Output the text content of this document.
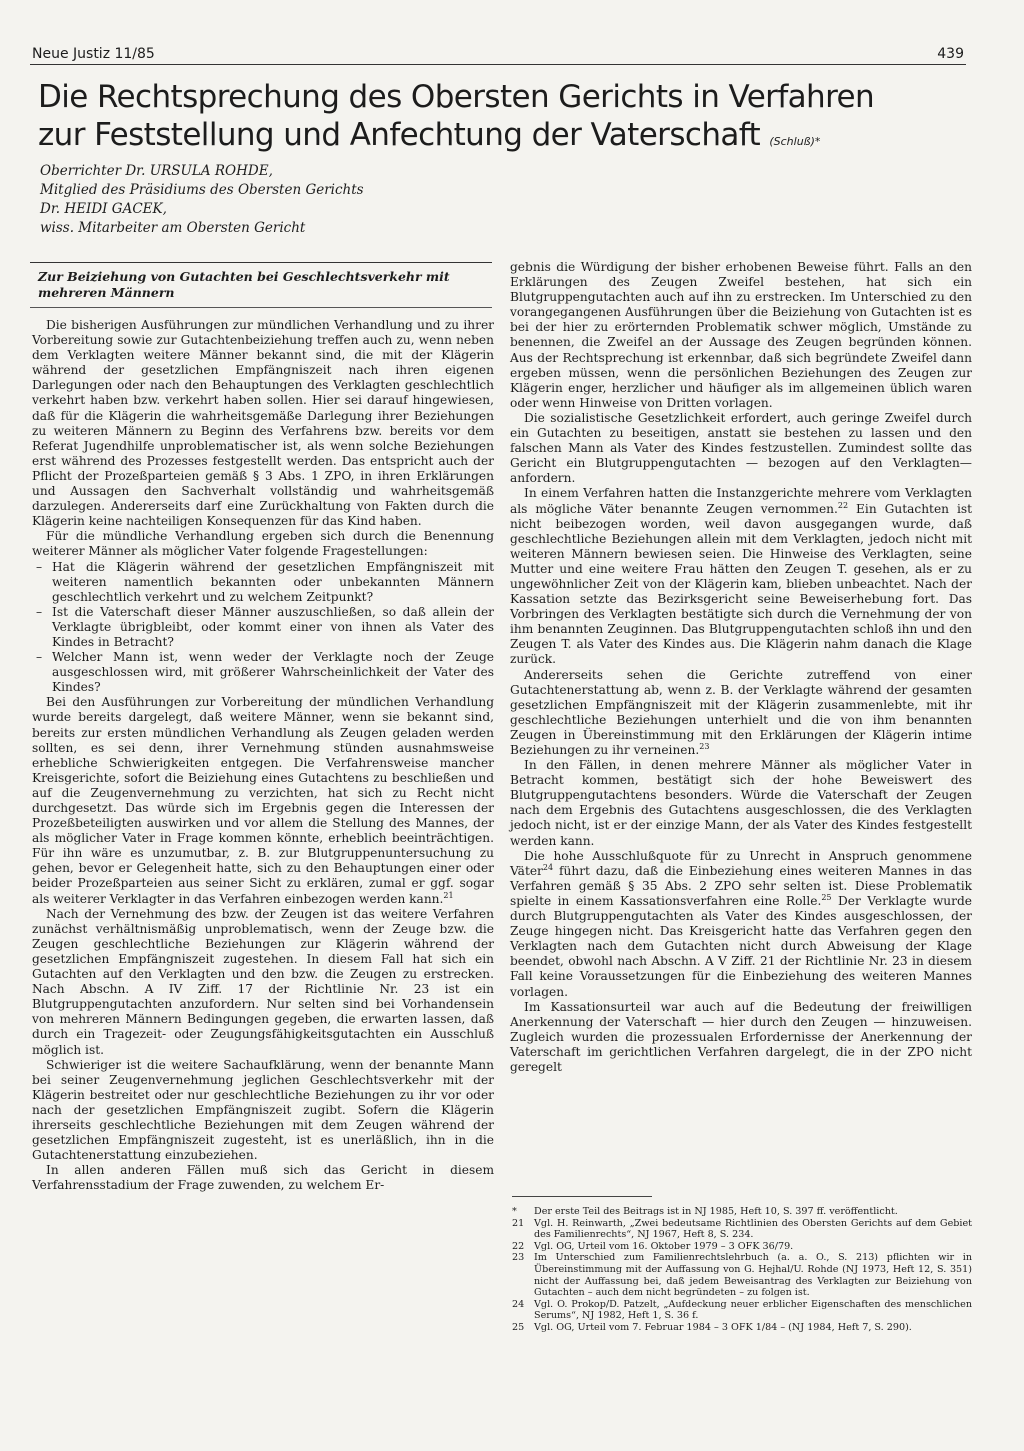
Neue Justiz 11/85	439
Die Rechtsprechung des Obersten Gerichts in Verfahren
zur Feststellung und Anfechtung der Vaterschaft (Schluß)*
Oberrichter Dr. URSULA ROHDE,
Mitglied des Präsidiums des Obersten Gerichts
Dr. HEIDI GACEK,
wiss. Mitarbeiter am Obersten Gericht
Zur Beiziehung von Gutachten bei Geschlechtsverkehr mit mehreren Männern

Die bisherigen Ausführungen zur mündlichen Verhandlung und zu ihrer Vorbereitung sowie zur Gutachtenbeiziehung treffen auch zu, wenn neben dem Verklagten weitere Männer bekannt sind, die mit der Klägerin während der gesetzlichen Empfängniszeit nach ihren eigenen Darlegungen oder nach den Behauptungen des Verklagten geschlechtlich verkehrt haben bzw. verkehrt haben sollen. Hier sei darauf hingewiesen, daß für die Klägerin die wahrheitsgemäße Darlegung ihrer Beziehungen zu weiteren Männern zu Beginn des Verfahrens bzw. bereits vor dem Referat Jugendhilfe unproblematischer ist, als wenn solche Beziehungen erst während des Prozesses festgestellt werden. Das entspricht auch der Pflicht der Prozeßparteien gemäß § 3 Abs. 1 ZPO, in ihren Erklärungen und Aussagen den Sachverhalt vollständig und wahrheitsgemäß darzulegen. Andererseits darf eine Zurückhaltung von Fakten durch die Klägerin keine nachteiligen Konsequenzen für das Kind haben.

Für die mündliche Verhandlung ergeben sich durch die Benennung weiterer Männer als möglicher Vater folgende Fragestellungen:

– Hat die Klägerin während der gesetzlichen Empfängniszeit mit weiteren namentlich bekannten oder unbekannten Männern geschlechtlich verkehrt und zu welchem Zeitpunkt?
– Ist die Vaterschaft dieser Männer auszuschließen, so daß allein der Verklagte übrigbleibt, oder kommt einer von ihnen als Vater des Kindes in Betracht?
– Welcher Mann ist, wenn weder der Verklagte noch der Zeuge ausgeschlossen wird, mit größerer Wahrscheinlichkeit der Vater des Kindes?

Bei den Ausführungen zur Vorbereitung der mündlichen Verhandlung wurde bereits dargelegt, daß weitere Männer, wenn sie bekannt sind, bereits zur ersten mündlichen Verhandlung als Zeugen geladen werden sollten, es sei denn, ihrer Vernehmung stünden ausnahmsweise erhebliche Schwierigkeiten entgegen. Die Verfahrensweise mancher Kreisgerichte, sofort die Beiziehung eines Gutachtens zu beschließen und auf die Zeugenvernehmung zu verzichten, hat sich zu Recht nicht durchgesetzt. Das würde sich im Ergebnis gegen die Interessen der Prozeßbeteiligten auswirken und vor allem die Stellung des Mannes, der als möglicher Vater in Frage kommen könnte, erheblich beeinträchtigen. Für ihn wäre es unzumutbar, z. B. zur Blutgruppenuntersuchung zu gehen, bevor er Gelegenheit hatte, sich zu den Behauptungen einer oder beider Prozeßparteien aus seiner Sicht zu erklären, zumal er ggf. sogar als weiterer Verklagter in das Verfahren einbezogen werden kann.$^{21}$

Nach der Vernehmung des bzw. der Zeugen ist das weitere Verfahren zunächst verhältnismäßig unproblematisch, wenn der Zeuge bzw. die Zeugen geschlechtliche Beziehungen zur Klägerin während der gesetzlichen Empfängniszeit zugestehen. In diesem Fall hat sich ein Gutachten auf den Verklagten und den bzw. die Zeugen zu erstrecken. Nach Abschn. A IV Ziff. 17 der Richtlinie Nr. 23 ist ein Blutgruppengutachten anzufordern. Nur selten sind bei Vorhandensein von mehreren Männern Bedingungen gegeben, die erwarten lassen, daß durch ein Tragezeit- oder Zeugungsfähigkeitsgutachten ein Ausschluß möglich ist.

Schwieriger ist die weitere Sachaufklärung, wenn der benannte Mann bei seiner Zeugenvernehmung jeglichen Geschlechtsverkehr mit der Klägerin bestreitet oder nur geschlechtliche Beziehungen zu ihr vor oder nach der gesetzlichen Empfängniszeit zugibt. Sofern die Klägerin ihrerseits geschlechtliche Beziehungen mit dem Zeugen während der gesetzlichen Empfängniszeit zugesteht, ist es unerläßlich, ihn in die Gutachtenerstattung einzubeziehen.

In allen anderen Fällen muß sich das Gericht in diesem Verfahrensstadium der Frage zuwenden, zu welchem Er-

gebnis die Würdigung der bisher erhobenen Beweise führt. Falls an den Erklärungen des Zeugen Zweifel bestehen, hat sich ein Blutgruppengutachten auch auf ihn zu erstrecken. Im Unterschied zu den vorangegangenen Ausführungen über die Beiziehung von Gutachten ist es bei der hier zu erörternden Problematik schwer möglich, Umstände zu benennen, die Zweifel an der Aussage des Zeugen begründen können. Aus der Rechtsprechung ist erkennbar, daß sich begründete Zweifel dann ergeben müssen, wenn die persönlichen Beziehungen des Zeugen zur Klägerin enger, herzlicher und häufiger als im allgemeinen üblich waren oder wenn Hinweise von Dritten vorlagen.

Die sozialistische Gesetzlichkeit erfordert, auch geringe Zweifel durch ein Gutachten zu beseitigen, anstatt sie bestehen zu lassen und den falschen Mann als Vater des Kindes festzustellen. Zumindest sollte das Gericht ein Blutgruppengutachten — bezogen auf den Verklagten— anfordern.

In einem Verfahren hatten die Instanzgerichte mehrere vom Verklagten als mögliche Väter benannte Zeugen vernommen.$^{22}$ Ein Gutachten ist nicht beibezogen worden, weil davon ausgegangen wurde, daß geschlechtliche Beziehungen allein mit dem Verklagten, jedoch nicht mit weiteren Männern bewiesen seien. Die Hinweise des Verklagten, seine Mutter und eine weitere Frau hätten den Zeugen T. gesehen, als er zu ungewöhnlicher Zeit von der Klägerin kam, blieben unbeachtet. Nach der Kassation setzte das Bezirksgericht seine Beweiserhebung fort. Das Vorbringen des Verklagten bestätigte sich durch die Vernehmung der von ihm benannten Zeuginnen. Das Blutgruppengutachten schloß ihn und den Zeugen T. als Vater des Kindes aus. Die Klägerin nahm danach die Klage zurück.

Andererseits sehen die Gerichte zutreffend von einer Gutachtenerstattung ab, wenn z. B. der Verklagte während der gesamten gesetzlichen Empfängniszeit mit der Klägerin zusammenlebte, mit ihr geschlechtliche Beziehungen unterhielt und die von ihm benannten Zeugen in Übereinstimmung mit den Erklärungen der Klägerin intime Beziehungen zu ihr verneinen.$^{23}$

In den Fällen, in denen mehrere Männer als möglicher Vater in Betracht kommen, bestätigt sich der hohe Beweiswert des Blutgruppengutachtens besonders. Würde die Vaterschaft der Zeugen nach dem Ergebnis des Gutachtens ausgeschlossen, die des Verklagten jedoch nicht, ist er der einzige Mann, der als Vater des Kindes festgestellt werden kann.

Die hohe Ausschlußquote für zu Unrecht in Anspruch genommene Väter$^{24}$ führt dazu, daß die Einbeziehung eines weiteren Mannes in das Verfahren gemäß § 35 Abs. 2 ZPO sehr selten ist. Diese Problematik spielte in einem Kassationsverfahren eine Rolle.$^{25}$ Der Verklagte wurde durch Blutgruppengutachten als Vater des Kindes ausgeschlossen, der Zeuge hingegen nicht. Das Kreisgericht hatte das Verfahren gegen den Verklagten nach dem Gutachten nicht durch Abweisung der Klage beendet, obwohl nach Abschn. A V Ziff. 21 der Richtlinie Nr. 23 in diesem Fall keine Voraussetzungen für die Einbeziehung des weiteren Mannes vorlagen.

Im Kassationsurteil war auch auf die Bedeutung der freiwilligen Anerkennung der Vaterschaft — hier durch den Zeugen — hinzuweisen. Zugleich wurden die prozessualen Erfordernisse der Anerkennung der Vaterschaft im gerichtlichen Verfahren dargelegt, die in der ZPO nicht geregelt

*	Der erste Teil des Beitrags ist in NJ 1985, Heft 10, S. 397 ff. veröffentlicht.
21	Vgl. H. Reinwarth, „Zwei bedeutsame Richtlinien des Obersten Gerichts auf dem Gebiet des Familienrechts“, NJ 1967, Heft 8, S. 234.
22	Vgl. OG, Urteil vom 16. Oktober 1979 – 3 OFK 36/79.
23	Im Unterschied zum Familienrechtslehrbuch (a. a. O., S. 213) pflichten wir in Übereinstimmung mit der Auffassung von G. Hejhal/U. Rohde (NJ 1973, Heft 12, S. 351) nicht der Auffassung bei, daß jedem Beweisantrag des Verklagten zur Beiziehung von Gutachten – auch dem nicht begründeten – zu folgen ist.
24	Vgl. O. Prokop/D. Patzelt, „Aufdeckung neuer erblicher Eigenschaften des menschlichen Serums“, NJ 1982, Heft 1, S. 36 f.
25	Vgl. OG, Urteil vom 7. Februar 1984 – 3 OFK 1/84 – (NJ 1984, Heft 7, S. 290).
